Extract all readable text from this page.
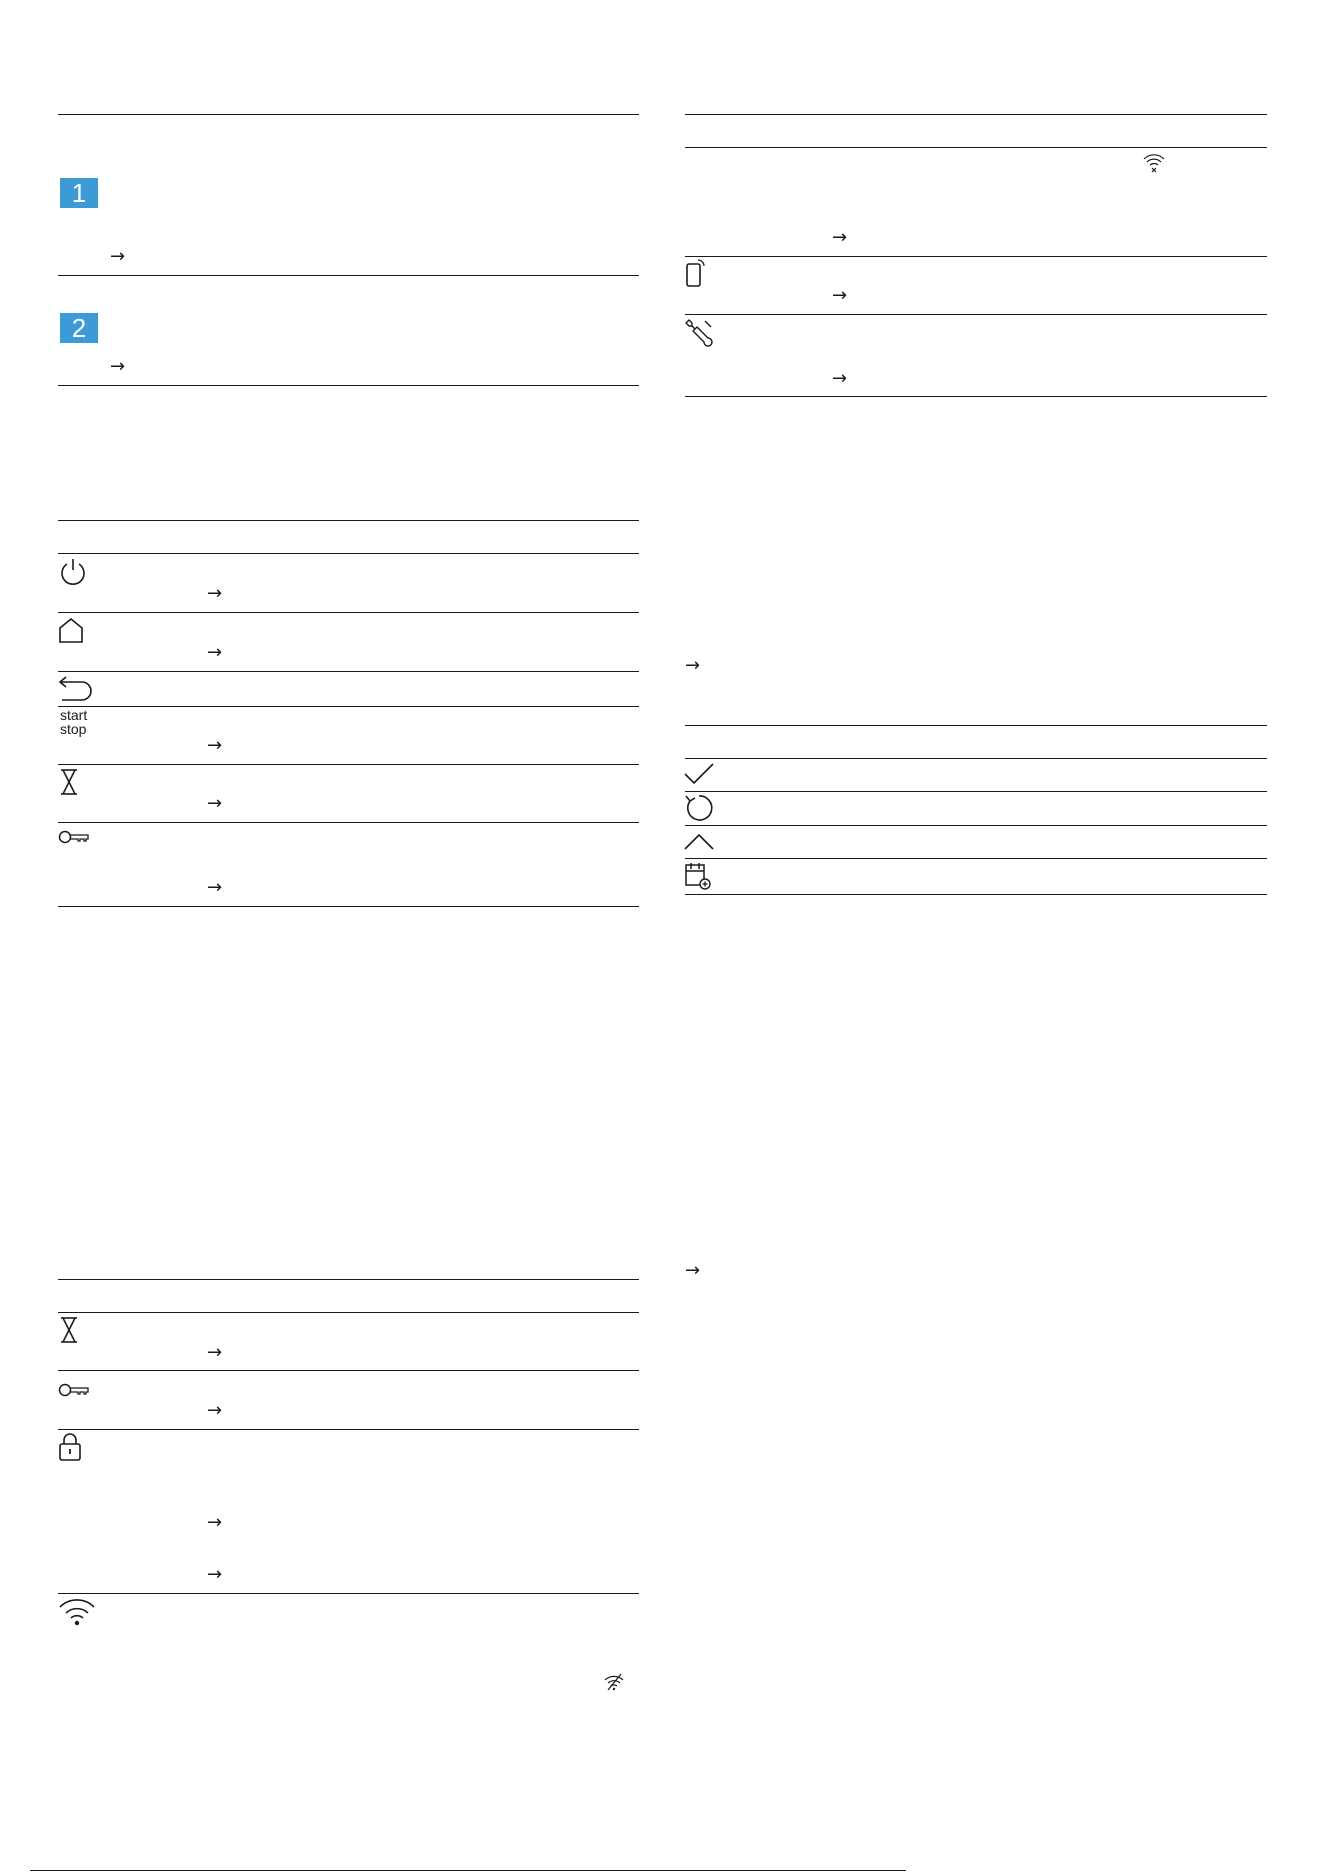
1
→
2
→
→
→
start
stop
→
→
→
→
→
→
→
→
→
→
→
→
